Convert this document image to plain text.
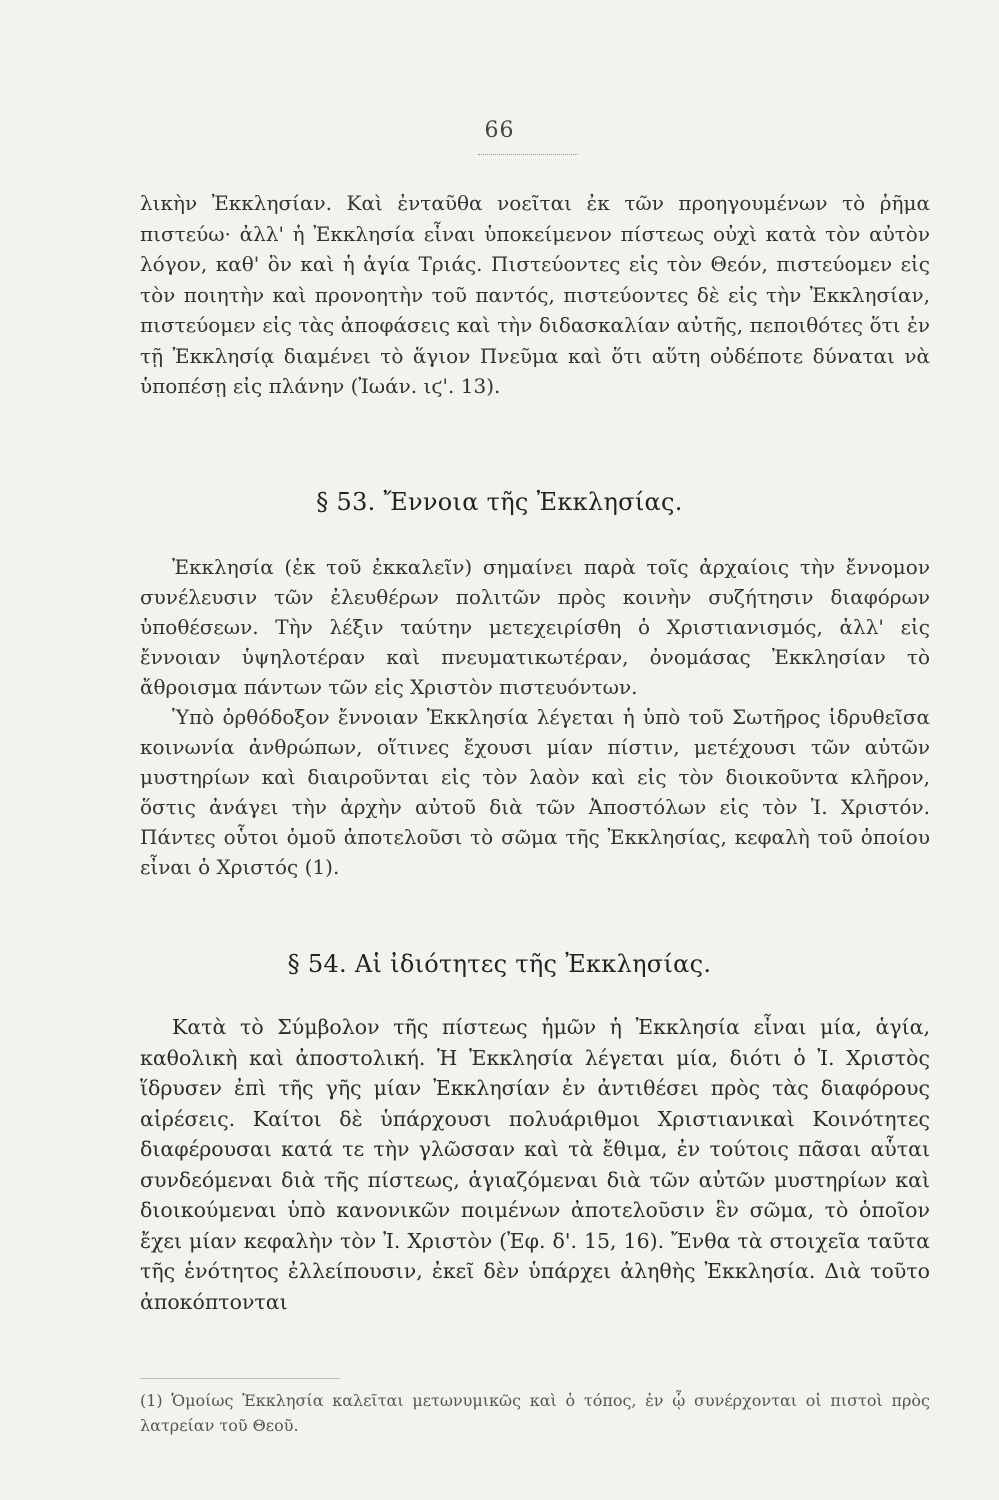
66

λικὴν Ἐκκλησίαν. Καὶ ἐνταῦθα νοεῖται ἐκ τῶν προηγουμένων τὸ ῥῆμα πιστεύω· ἀλλ' ἡ Ἐκκλησία εἶναι ὑποκείμενον πίστεως οὐχὶ κατὰ τὸν αὐτὸν λόγον, καθ' ὃν καὶ ἡ ἁγία Τριάς. Πιστεύοντες εἰς τὸν Θεόν, πιστεύομεν εἰς τὸν ποιητὴν καὶ προνοητὴν τοῦ παντός, πιστεύοντες δὲ εἰς τὴν Ἐκκλησίαν, πιστεύομεν εἰς τὰς ἀποφάσεις καὶ τὴν διδασκαλίαν αὐτῆς, πεποιθότες ὅτι ἐν τῇ Ἐκκλησίᾳ διαμένει τὸ ἅγιον Πνεῦμα καὶ ὅτι αὕτη οὐδέποτε δύναται νὰ ὑποπέσῃ εἰς πλάνην (Ἰωάν. ιϛ'. 13).

§ 53. Ἔννοια τῆς Ἐκκλησίας.

Ἐκκλησία (ἐκ τοῦ ἐκκαλεῖν) σημαίνει παρὰ τοῖς ἀρχαίοις τὴν ἔννομον συνέλευσιν τῶν ἐλευθέρων πολιτῶν πρὸς κοινὴν συζήτησιν διαφόρων ὑποθέσεων. Τὴν λέξιν ταύτην μετεχειρίσθη ὁ Χριστιανισμός, ἀλλ' εἰς ἔννοιαν ὑψηλοτέραν καὶ πνευματικωτέραν, ὀνομάσας Ἐκκλησίαν τὸ ἄθροισμα πάντων τῶν εἰς Χριστὸν πιστευόντων.

Ὑπὸ ὀρθόδοξον ἔννοιαν Ἐκκλησία λέγεται ἡ ὑπὸ τοῦ Σωτῆρος ἱδρυθεῖσα κοινωνία ἀνθρώπων, οἵτινες ἔχουσι μίαν πίστιν, μετέχουσι τῶν αὐτῶν μυστηρίων καὶ διαιροῦνται εἰς τὸν λαὸν καὶ εἰς τὸν διοικοῦντα κλῆρον, ὅστις ἀνάγει τὴν ἀρχὴν αὐτοῦ διὰ τῶν Ἀποστόλων εἰς τὸν Ἰ. Χριστόν. Πάντες οὗτοι ὁμοῦ ἀποτελοῦσι τὸ σῶμα τῆς Ἐκκλησίας, κεφαλὴ τοῦ ὁποίου εἶναι ὁ Χριστός (1).

§ 54. Αἱ ἰδιότητες τῆς Ἐκκλησίας.

Κατὰ τὸ Σύμβολον τῆς πίστεως ἡμῶν ἡ Ἐκκλησία εἶναι μία, ἁγία, καθολικὴ καὶ ἀποστολική. Ἡ Ἐκκλησία λέγεται μία, διότι ὁ Ἰ. Χριστὸς ἵδρυσεν ἐπὶ τῆς γῆς μίαν Ἐκκλησίαν ἐν ἀντιθέσει πρὸς τὰς διαφόρους αἱρέσεις. Καίτοι δὲ ὑπάρχουσι πολυάριθμοι Χριστιανικαὶ Κοινότητες διαφέρουσαι κατά τε τὴν γλῶσσαν καὶ τὰ ἔθιμα, ἐν τούτοις πᾶσαι αὗται συνδεόμεναι διὰ τῆς πίστεως, ἁγιαζόμεναι διὰ τῶν αὐτῶν μυστηρίων καὶ διοικούμεναι ὑπὸ κανονικῶν ποιμένων ἀποτελοῦσιν ἓν σῶμα, τὸ ὁποῖον ἔχει μίαν κεφαλὴν τὸν Ἰ. Χριστὸν (Ἐφ. δ'. 15, 16). Ἔνθα τὰ στοιχεῖα ταῦτα τῆς ἑνότητος ἐλλείπουσιν, ἐκεῖ δὲν ὑπάρχει ἀληθὴς Ἐκκλησία. Διὰ τοῦτο ἀποκόπτονται

(1) Ὁμοίως Ἐκκλησία καλεῖται μετωνυμικῶς καὶ ὁ τόπος, ἐν ᾧ συνέρχονται οἱ πιστοὶ πρὸς λατρείαν τοῦ Θεοῦ.
